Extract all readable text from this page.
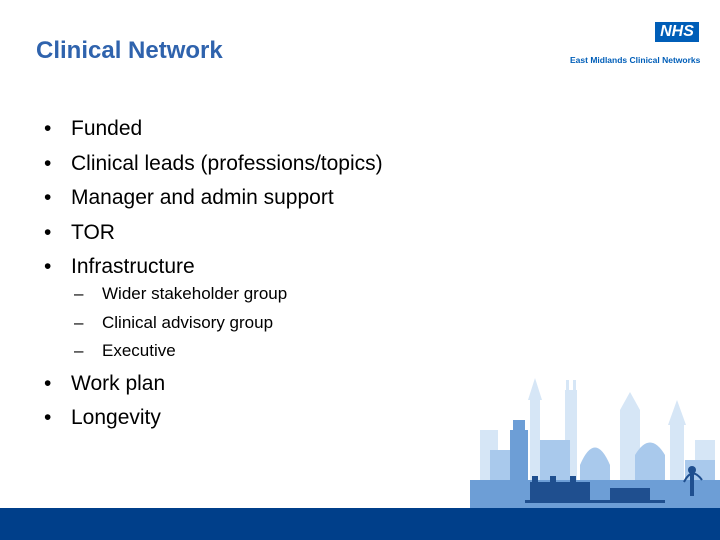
Clinical Network
NHS
East Midlands Clinical Networks
• Funded
• Clinical leads (professions/topics)
• Manager and admin support
• TOR
• Infrastructure
– Wider stakeholder group
– Clinical advisory group
– Executive
• Work plan
• Longevity
